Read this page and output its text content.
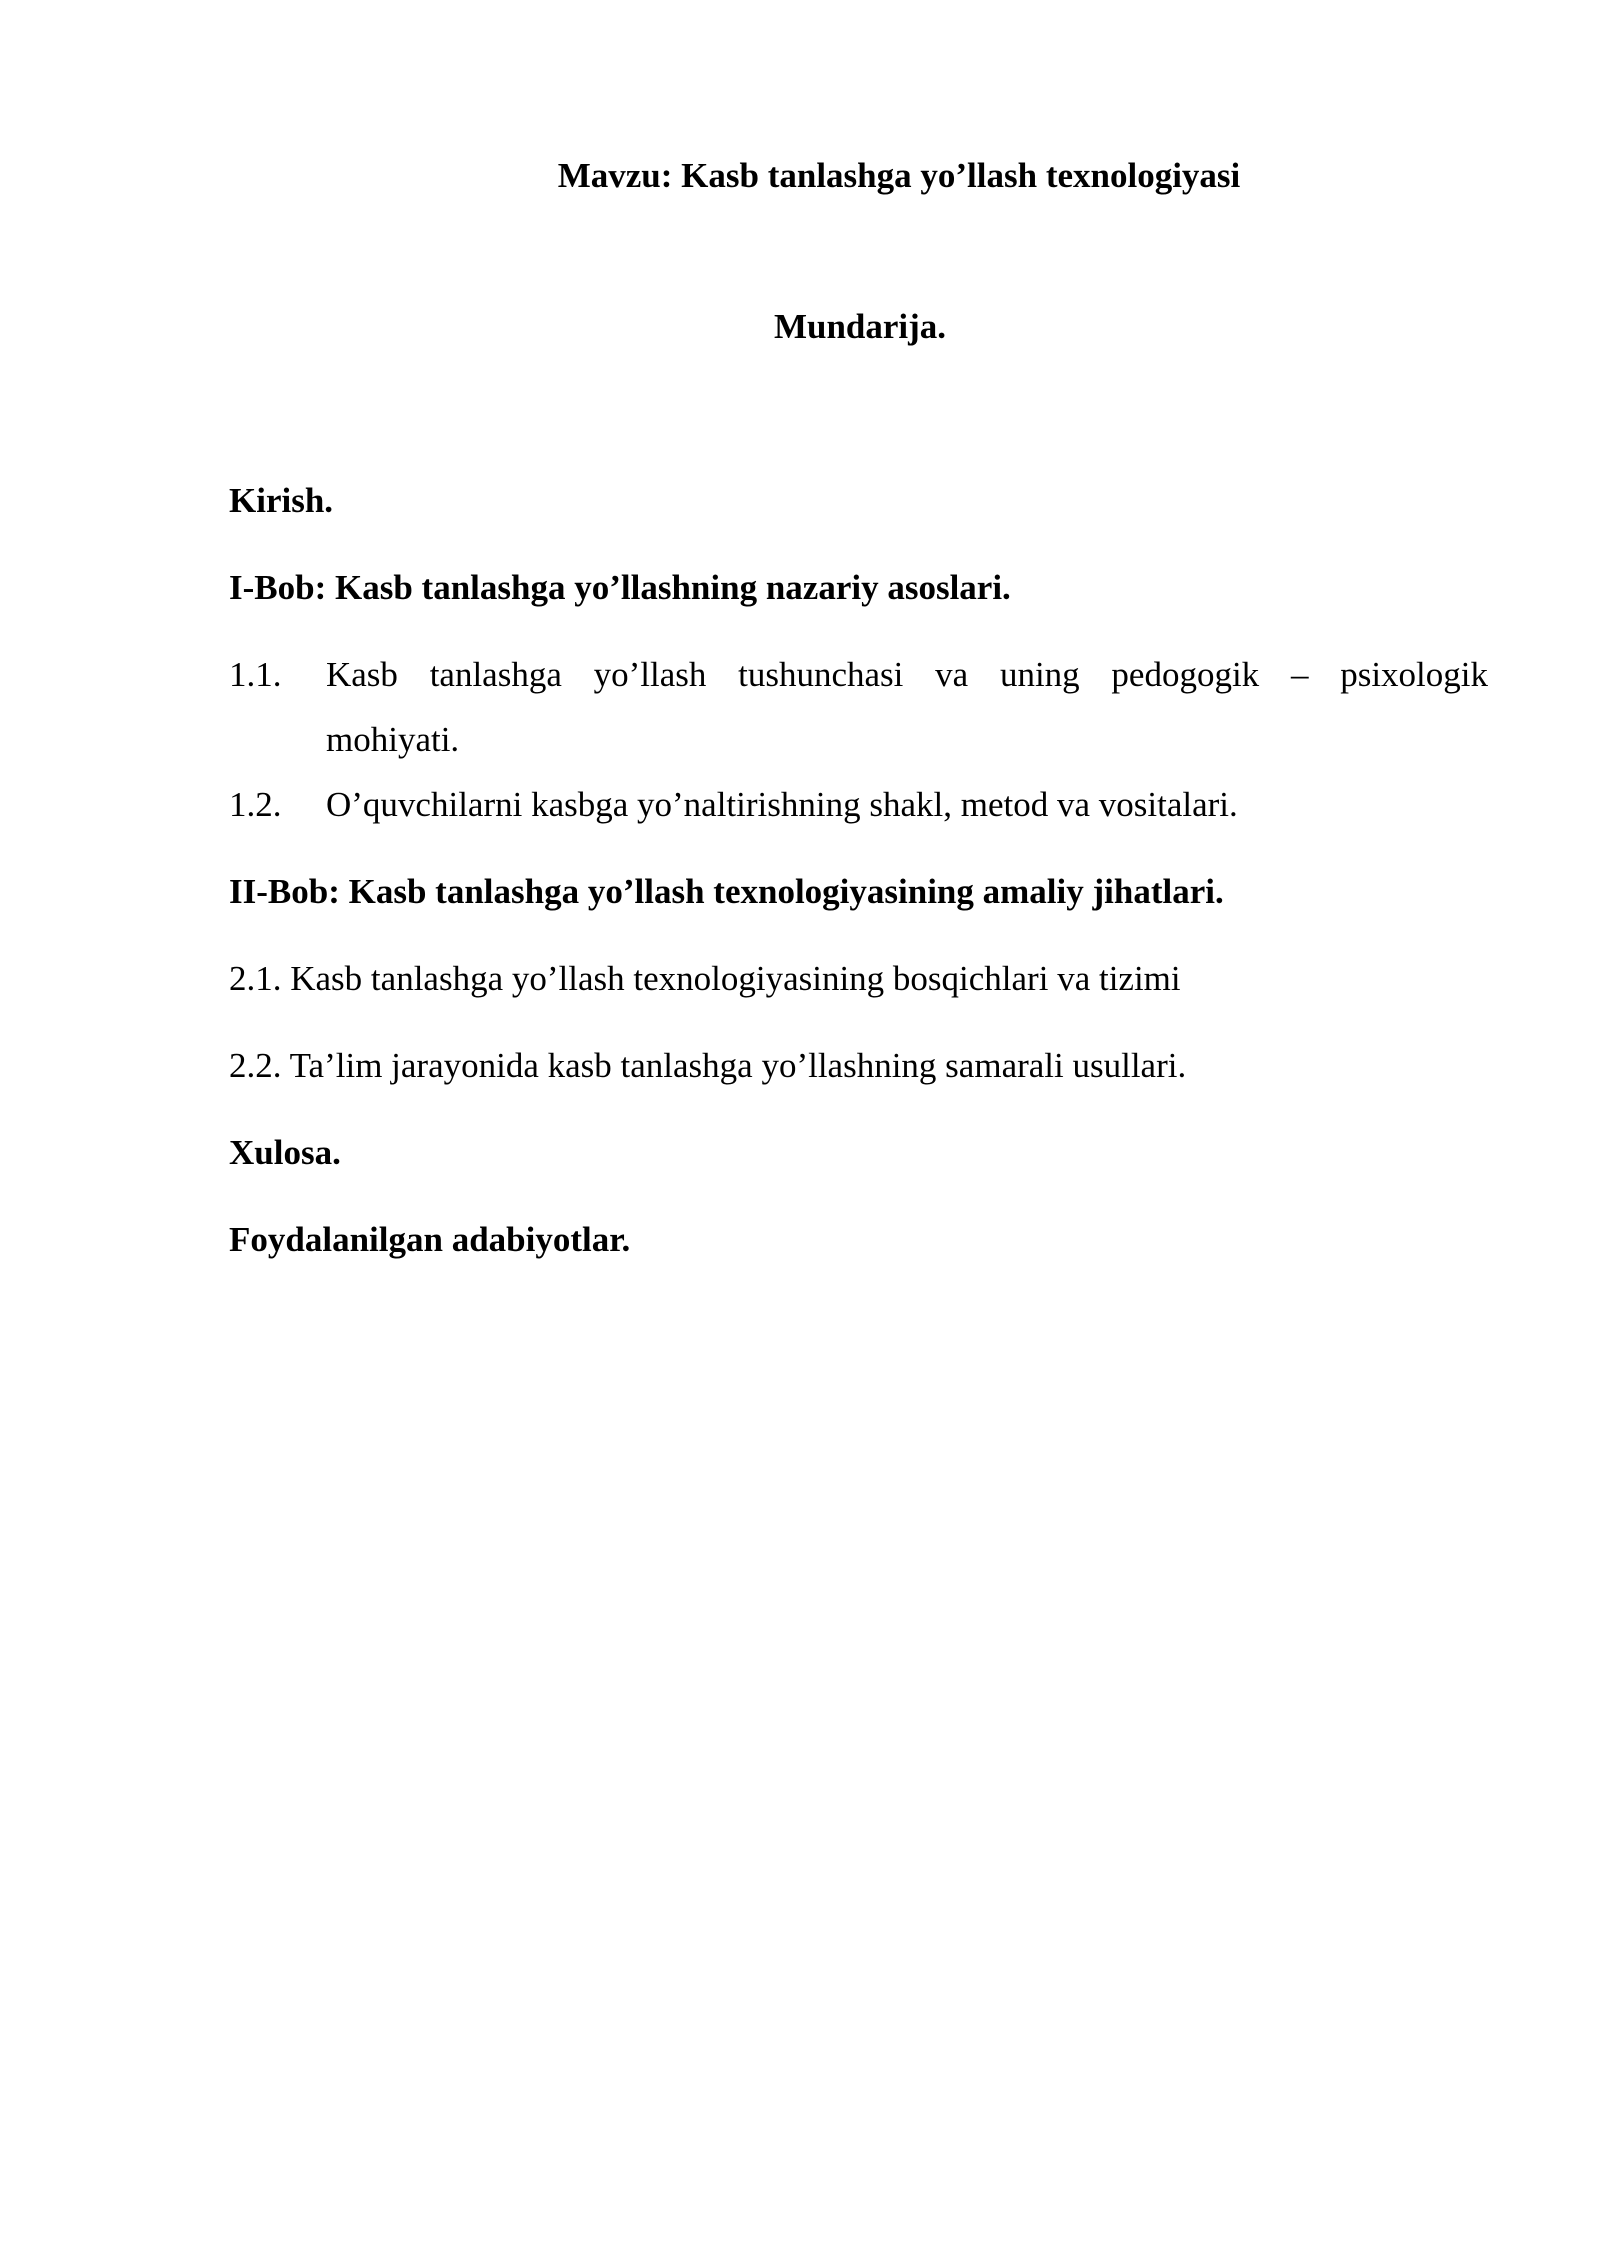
Mavzu: Kasb tanlashga yo’llash texnologiyasi
Mundarija.
Kirish.
I-Bob: Kasb tanlashga yo’llashning nazariy asoslari.
1.1. Kasb tanlashga yo’llash tushunchasi va uning pedogogik – psixologik
mohiyati.
1.2. O’quvchilarni kasbga yo’naltirishning shakl, metod va vositalari.
II-Bob: Kasb tanlashga yo’llash texnologiyasining amaliy jihatlari.
2.1. Kasb tanlashga yo’llash texnologiyasining bosqichlari va tizimi
2.2. Ta’lim jarayonida kasb tanlashga yo’llashning samarali usullari.
Xulosa.
Foydalanilgan adabiyotlar.
